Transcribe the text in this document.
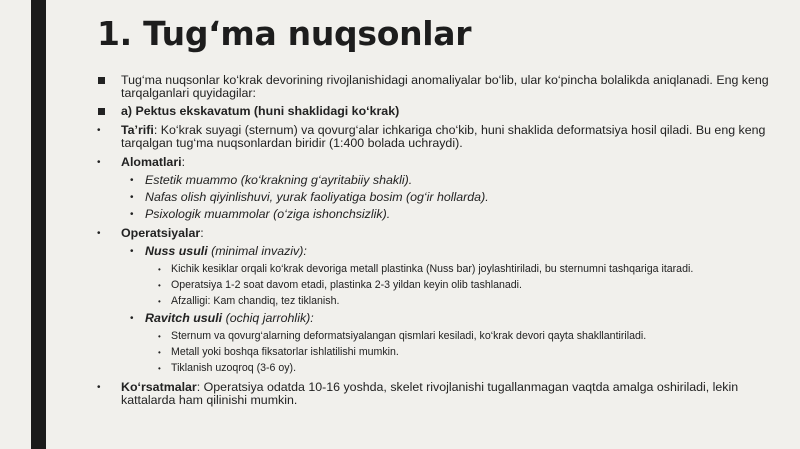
1. Tug‘ma nuqsonlar
Tug‘ma nuqsonlar ko‘krak devorining rivojlanishidagi anomaliyalar bo‘lib, ular ko‘pincha bolalikda aniqlanadi. Eng keng tarqalganlari quyidagilar:
a) Pektus ekskavatum (huni shaklidagi ko‘krak)
• Ta’rifi: Ko‘krak suyagi (sternum) va qovurg‘alar ichkariga cho‘kib, huni shaklida deformatsiya hosil qiladi. Bu eng keng tarqalgan tug‘ma nuqsonlardan biridir (1:400 bolada uchraydi).
• Alomatlari:
• Estetik muammo (ko‘krakning g‘ayritabiiy shakli).
• Nafas olish qiyinlishuvi, yurak faoliyatiga bosim (og‘ir hollarda).
• Psixologik muammolar (o‘ziga ishonchsizlik).
• Operatsiyalar:
• Nuss usuli (minimal invaziv):
• Kichik kesiklar orqali ko‘krak devoriga metall plastinka (Nuss bar) joylashtiriladi, bu sternumni tashqariga itaradi.
• Operatsiya 1-2 soat davom etadi, plastinka 2-3 yildan keyin olib tashlanadi.
• Afzalligi: Kam chandiq, tez tiklanish.
• Ravitch usuli (ochiq jarrohlik):
• Sternum va qovurg‘alarning deformatsiyalangan qismlari kesiladi, ko‘krak devori qayta shakllantiriladi.
• Metall yoki boshqa fiksatorlar ishlatilishi mumkin.
• Tiklanish uzoqroq (3-6 oy).
• Ko‘rsatmalar: Operatsiya odatda 10-16 yoshda, skelet rivojlanishi tugallanmagan vaqtda amalga oshiriladi, lekin kattalarda ham qilinishi mumkin.
